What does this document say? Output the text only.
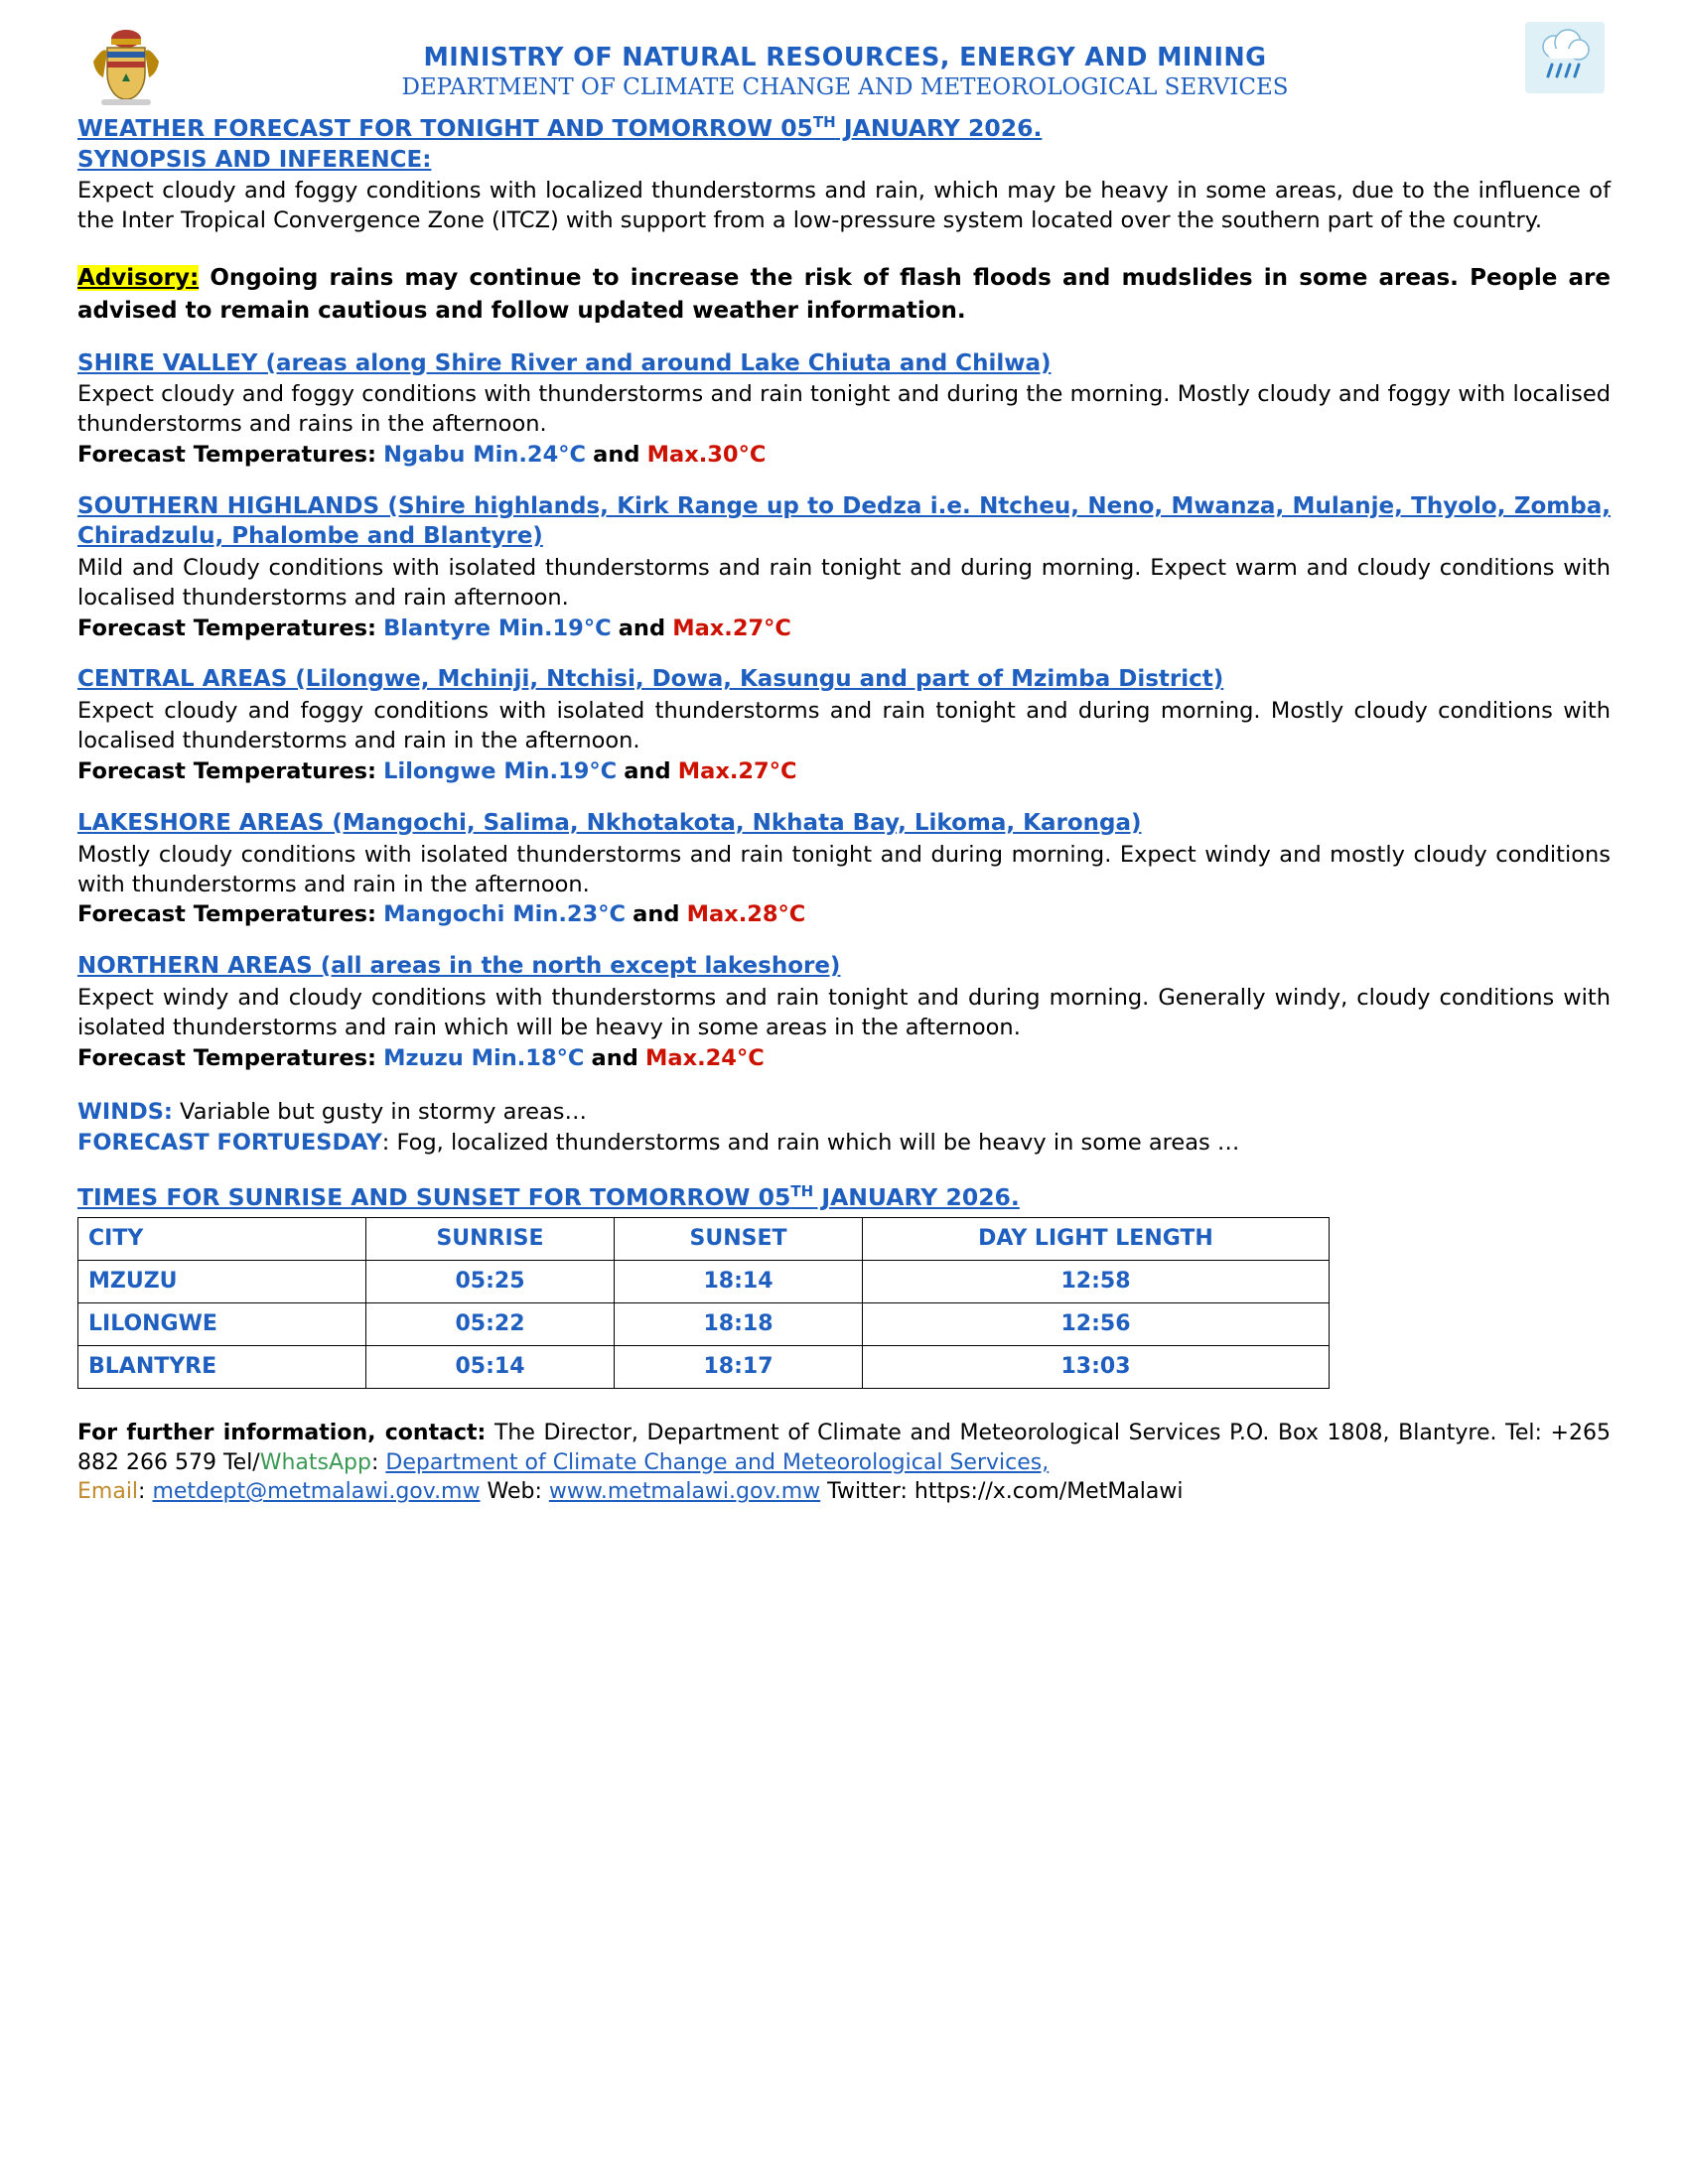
MINISTRY OF NATURAL RESOURCES, ENERGY AND MINING
DEPARTMENT OF CLIMATE CHANGE AND METEOROLOGICAL SERVICES
WEATHER FORECAST FOR TONIGHT AND TOMORROW 05TH JANUARY 2026.
SYNOPSIS AND INFERENCE:
Expect cloudy and foggy conditions with localized thunderstorms and rain, which may be heavy in some areas, due to the influence of the Inter Tropical Convergence Zone (ITCZ) with support from a low-pressure system located over the southern part of the country.
Advisory: Ongoing rains may continue to increase the risk of flash floods and mudslides in some areas. People are advised to remain cautious and follow updated weather information.
SHIRE VALLEY (areas along Shire River and around Lake Chiuta and Chilwa)
Expect cloudy and foggy conditions with thunderstorms and rain tonight and during the morning. Mostly cloudy and foggy with localised thunderstorms and rains in the afternoon.
Forecast Temperatures: Ngabu Min.24°C and Max.30°C
SOUTHERN HIGHLANDS (Shire highlands, Kirk Range up to Dedza i.e. Ntcheu, Neno, Mwanza, Mulanje, Thyolo, Zomba, Chiradzulu, Phalombe and Blantyre)
Mild and Cloudy conditions with isolated thunderstorms and rain tonight and during morning. Expect warm and cloudy conditions with localised thunderstorms and rain afternoon.
Forecast Temperatures: Blantyre Min.19°C and Max.27°C
CENTRAL AREAS (Lilongwe, Mchinji, Ntchisi, Dowa, Kasungu and part of Mzimba District)
Expect cloudy and foggy conditions with isolated thunderstorms and rain tonight and during morning. Mostly cloudy conditions with localised thunderstorms and rain in the afternoon.
Forecast Temperatures: Lilongwe Min.19°C and Max.27°C
LAKESHORE AREAS (Mangochi, Salima, Nkhotakota, Nkhata Bay, Likoma, Karonga)
Mostly cloudy conditions with isolated thunderstorms and rain tonight and during morning. Expect windy and mostly cloudy conditions with thunderstorms and rain in the afternoon.
Forecast Temperatures: Mangochi Min.23°C and Max.28°C
NORTHERN AREAS (all areas in the north except lakeshore)
Expect windy and cloudy conditions with thunderstorms and rain tonight and during morning. Generally windy, cloudy conditions with isolated thunderstorms and rain which will be heavy in some areas in the afternoon.
Forecast Temperatures: Mzuzu Min.18°C and Max.24°C
WINDS: Variable but gusty in stormy areas…
FORECAST FORTUESDAY: Fog, localized thunderstorms and rain which will be heavy in some areas …
TIMES FOR SUNRISE AND SUNSET FOR TOMORROW 05TH JANUARY 2026.
CITY	SUNRISE	SUNSET	DAY LIGHT LENGTH
MZUZU	05:25	18:14	12:58
LILONGWE	05:22	18:18	12:56
BLANTYRE	05:14	18:17	13:03
For further information, contact: The Director, Department of Climate and Meteorological Services P.O. Box 1808, Blantyre. Tel: +265 882 266 579 Tel/WhatsApp: Department of Climate Change and Meteorological Services,
Email: metdept@metmalawi.gov.mw Web: www.metmalawi.gov.mw Twitter: https://x.com/MetMalawi
